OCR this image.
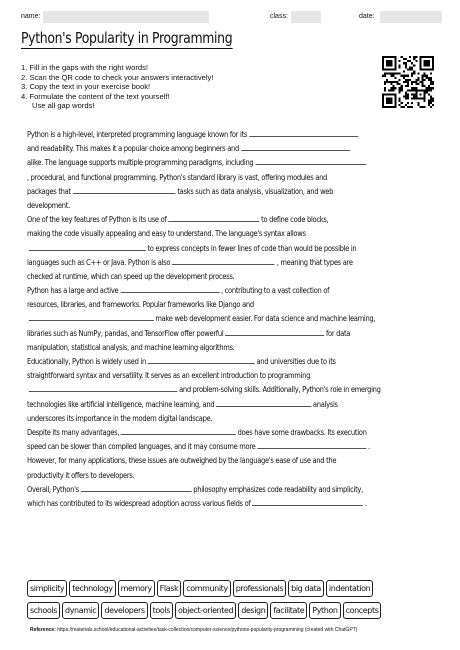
name:	class:	date:
Python's Popularity in Programming
1. Fill in the gaps with the right words!
2. Scan the QR code to check your answers interactively!
3. Copy the text in your exercise book!
4. Formulate the content of the text yourself!
Use all gap words!
Python is a high-level, interpreted programming language known for its
and readability. This makes it a popular choice among beginners and
alike. The language supports multiple programming paradigms, including
, procedural, and functional programming. Python's standard library is vast, offering modules and
packages that	tasks such as data analysis, visualization, and web
development.
One of the key features of Python is its use of	to define code blocks,
making the code visually appealing and easy to understand. The language's syntax allows
to express concepts in fewer lines of code than would be possible in
languages such as C++ or Java. Python is also	, meaning that types are
checked at runtime, which can speed up the development process.
Python has a large and active	, contributing to a vast collection of
resources, libraries, and frameworks. Popular frameworks like Django and
make web development easier. For data science and machine learning,
libraries such as NumPy, pandas, and TensorFlow offer powerful	for data
manipulation, statistical analysis, and machine learning algorithms.
Educationally, Python is widely used in	and universities due to its
straightforward syntax and versatility. It serves as an excellent introduction to programming
and problem-solving skills. Additionally, Python's role in emerging
technologies like artificial intelligence, machine learning, and	analysis
underscores its importance in the modern digital landscape.
Despite its many advantages,	does have some drawbacks. Its execution
speed can be slower than compiled languages, and it may consume more	.
However, for many applications, these issues are outweighed by the language's ease of use and the
productivity it offers to developers.
Overall, Python's	philosophy emphasizes code readability and simplicity,
which has contributed to its widespread adoption across various fields of	.
simplicity	technology	memory	Flask	community	professionals	big data	indentation
schools	dynamic	developers	tools	object-oriented	design	facilitate	Python	concepts
Reference: https://materials.school/educational-activities/task-collection/computer-science/pythons-popularity-programming (created with ChatGPT)
